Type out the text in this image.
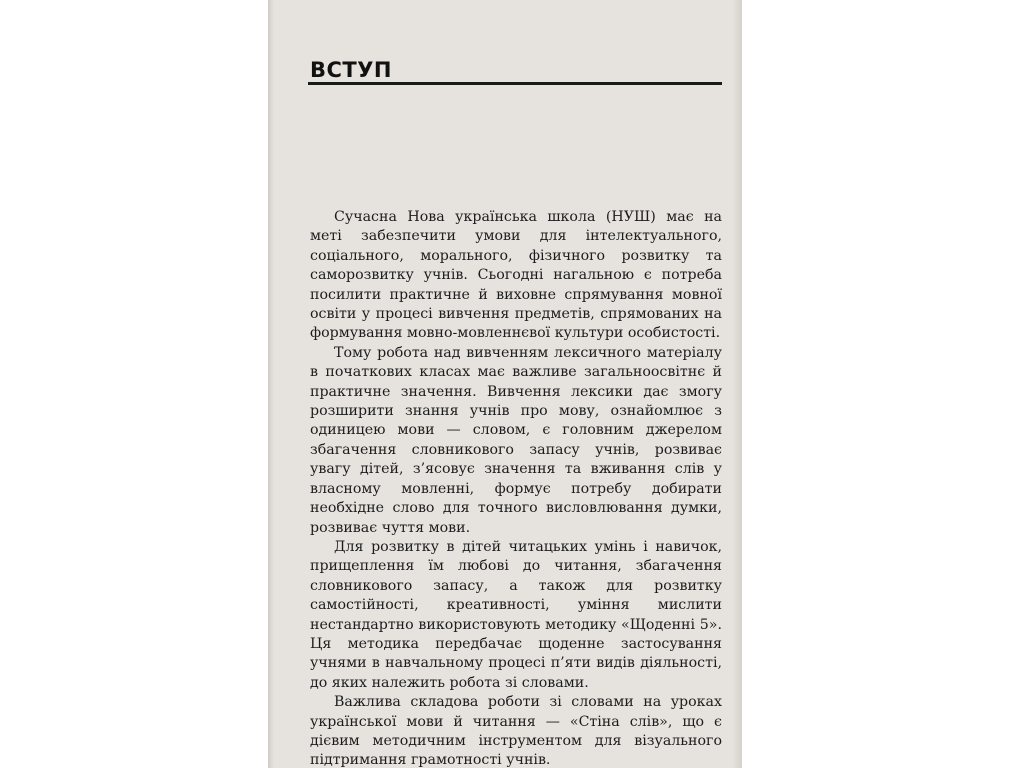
ВСТУП

Сучасна Нова українська школа (НУШ) має на меті забезпечити умови для інтелектуального, соціального, морального, фізичного розвитку та саморозвитку учнів. Сьогодні нагальною є потреба посилити практичне й виховне спрямування мовної освіти у процесі вивчення предметів, спрямованих на формування мовно-мовленнєвої культури особистості.

Тому робота над вивченням лексичного матеріалу в початкових класах має важливе загальноосвітнє й практичне значення. Вивчення лексики дає змогу розширити знання учнів про мову, ознайомлює з одиницею мови — словом, є головним джерелом збагачення словникового запасу учнів, розвиває увагу дітей, з’ясовує значення та вживання слів у власному мовленні, формує потребу добирати необхідне слово для точного висловлювання думки, розвиває чуття мови.

Для розвитку в дітей читацьких умінь і навичок, прищеплення їм любові до читання, збагачення словникового запасу, а також для розвитку самостійності, креативності, уміння мислити нестандартно використовують методику «Щоденні 5». Ця методика передбачає щоденне застосування учнями в навчальному процесі п’яти видів діяльності, до яких належить робота зі словами.

Важлива складова роботи зі словами на уроках української мови й читання — «Стіна слів», що є дієвим методичним інструментом для візуального підтримання грамотності учнів.
